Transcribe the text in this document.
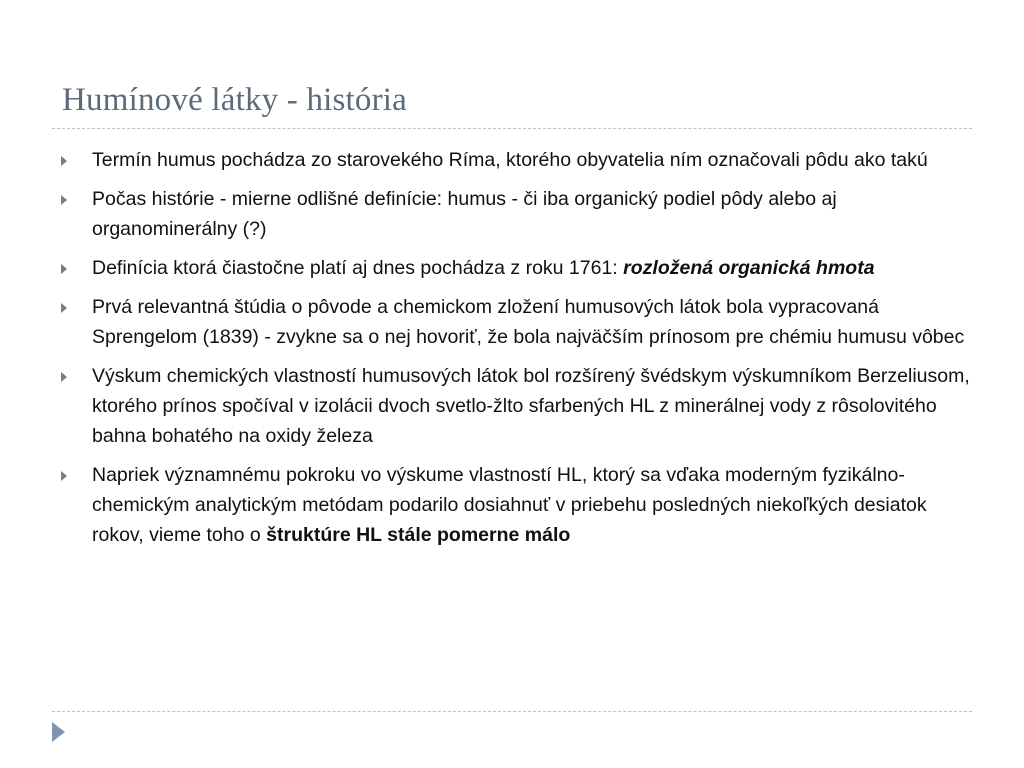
Humínové látky - história
Termín humus pochádza zo starovekého Ríma, ktorého obyvatelia ním označovali pôdu ako takú
Počas histórie - mierne odlišné definície: humus - či iba organický podiel pôdy alebo aj organominerálny (?)
Definícia ktorá čiastočne platí aj dnes pochádza z roku 1761: rozložená organická hmota
Prvá relevantná štúdia o pôvode a chemickom zložení humusových látok bola vypracovaná Sprengelom (1839) - zvykne sa o nej hovoriť, že bola najväčším prínosom pre chémiu humusu vôbec
Výskum chemických vlastností humusových látok bol rozšírený švédskym výskumníkom Berzeliusom, ktorého prínos spočíval v izolácii dvoch svetlo-žlto sfarbených HL z minerálnej vody z rôsolovitého bahna bohatého na oxidy železa
Napriek významnému pokroku vo výskume vlastností HL, ktorý sa vďaka moderným fyzikálno-chemickým analytickým metódam podarilo dosiahnuť v priebehu posledných niekoľkých desiatok rokov, vieme toho o štruktúre HL stále pomerne málo
